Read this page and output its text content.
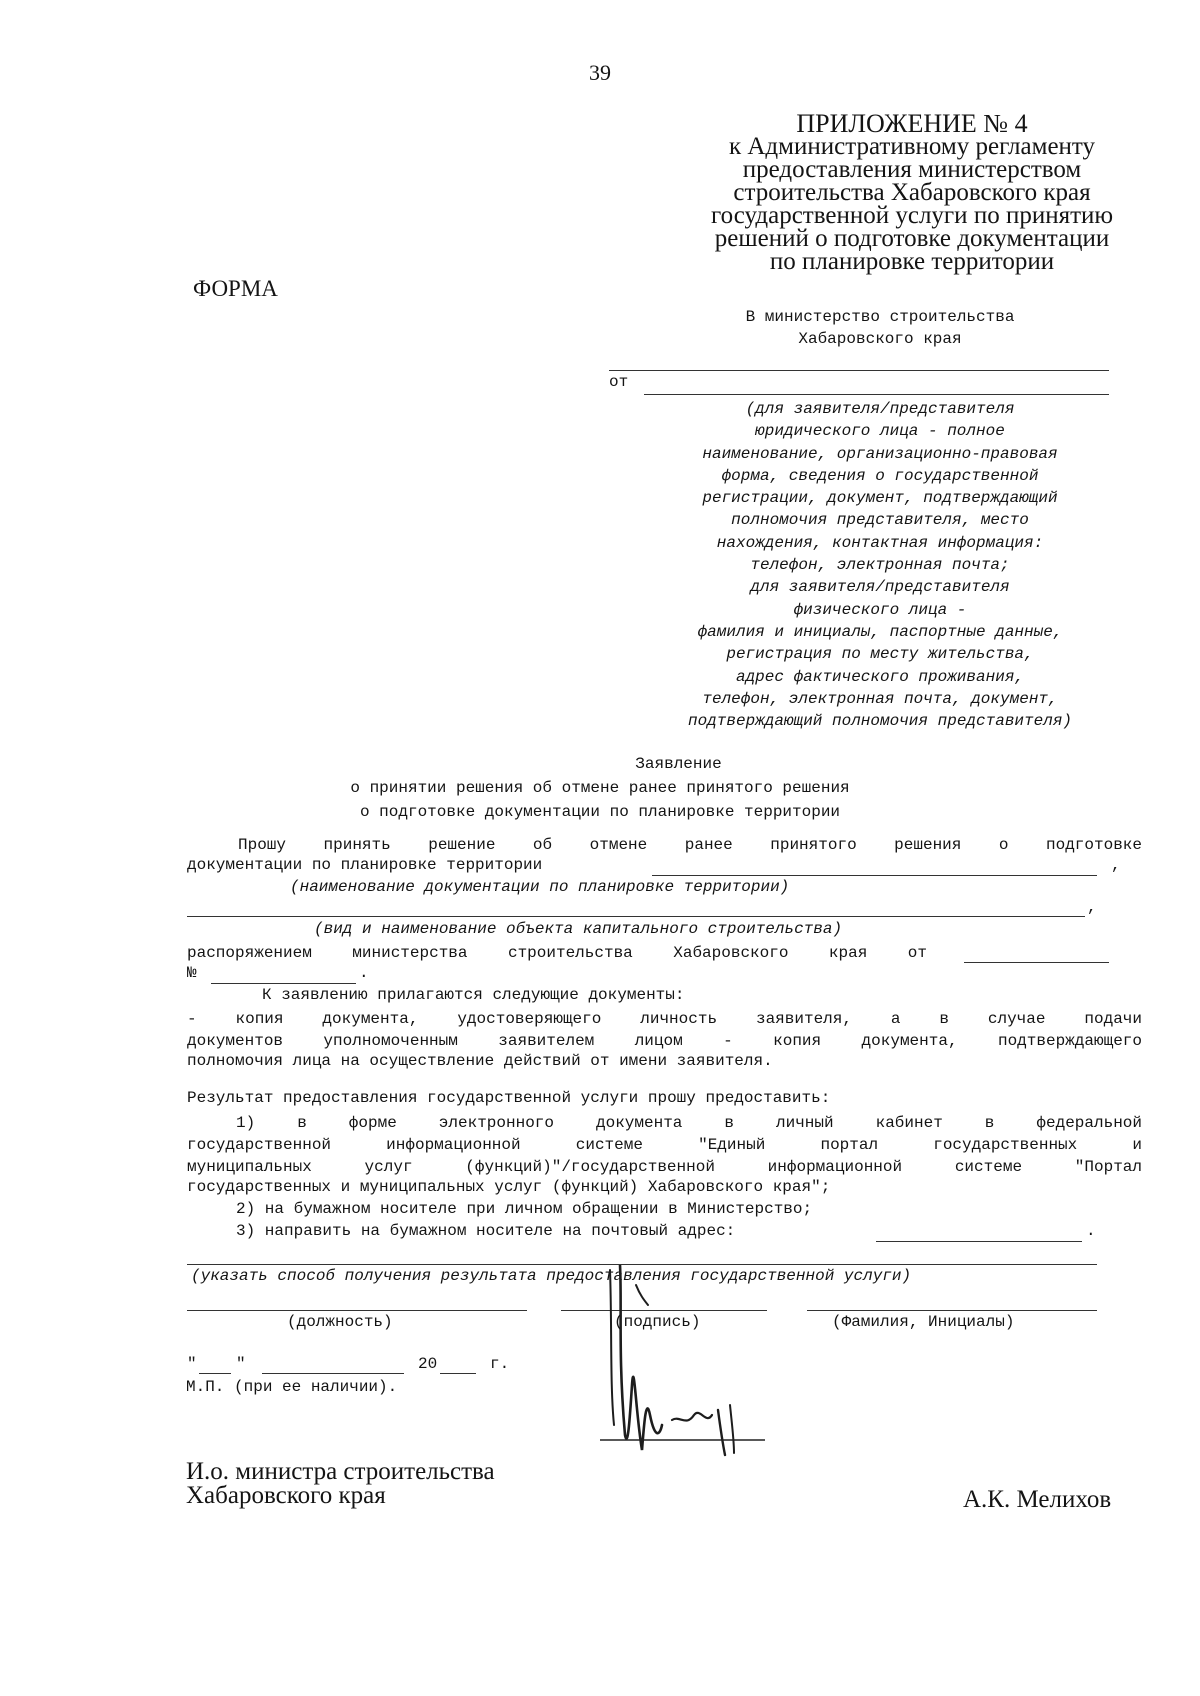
39
ПРИЛОЖЕНИЕ № 4
к Административному регламенту
предоставления министерством
строительства Хабаровского края
государственной услуги по принятию
решений о подготовке документации
по планировке территории
ФОРМА
В министерство строительства
Хабаровского края
от
(для заявителя/представителя
юридического лица - полное
наименование, организационно-правовая
форма, сведения о государственной
регистрации, документ, подтверждающий
полномочия представителя, место
нахождения, контактная информация:
телефон, электронная почта;
для заявителя/представителя
физического лица -
фамилия и инициалы, паспортные данные,
регистрация по месту жительства,
адрес фактического проживания,
телефон, электронная почта, документ,
подтверждающий полномочия представителя)
Заявление
о принятии решения об отмене ранее принятого решения
о подготовке документации по планировке территории
Прошу принять решение об отмене ранее принятого решения о подготовке
документации по планировке территории	,
(наименование документации по планировке территории)
,
(вид и наименование объекта капитального строительства)
распоряжением министерства строительства Хабаровского края от
№	.
К заявлению прилагаются следующие документы:
- копия документа, удостоверяющего личность заявителя, а в случае подачи
документов уполномоченным заявителем лицом - копия документа, подтверждающего
полномочия лица на осуществление действий от имени заявителя.
Результат предоставления государственной услуги прошу предоставить:
1) в форме электронного документа в личный кабинет в федеральной
государственной информационной системе "Единый портал государственных и
муниципальных услуг (функций)"/государственной информационной системе "Портал
государственных и муниципальных услуг (функций) Хабаровского края";
2) на бумажном носителе при личном обращении в Министерство;
3) направить на бумажном носителе на почтовый адрес:	.
(указать способ получения результата предоставления государственной услуги)
(должность)	(подпись)	(Фамилия, Инициалы)
" "	20	г.
М.П. (при ее наличии).
И.о. министра строительства
Хабаровского края	А.К. Мелихов
